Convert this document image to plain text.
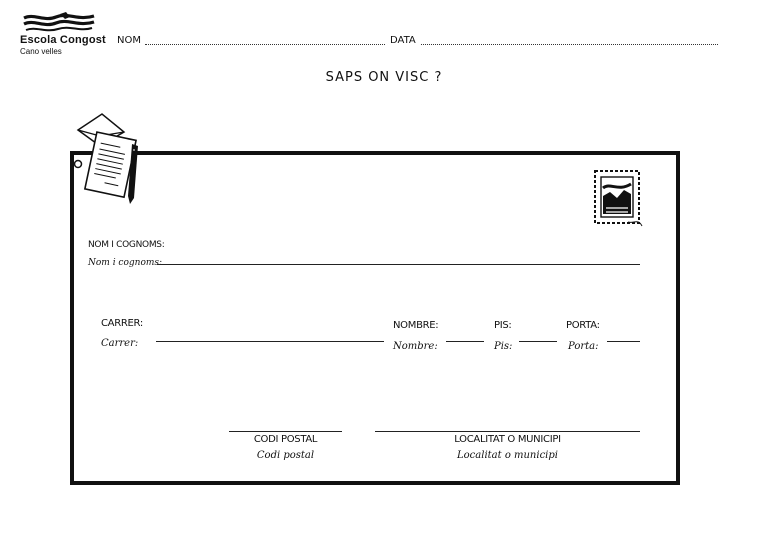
Escola Congost
Cano velles
NOM	DATA
SAPS ON VISC ?
NOM I COGNOMS:
Nom i cognoms:
CARRER:
Carrer:
NOMBRE:
Nombre:
PIS:
Pis:
PORTA:
Porta:
CODI POSTAL
Codi postal
LOCALITAT O MUNICIPI
Localitat o municipi
